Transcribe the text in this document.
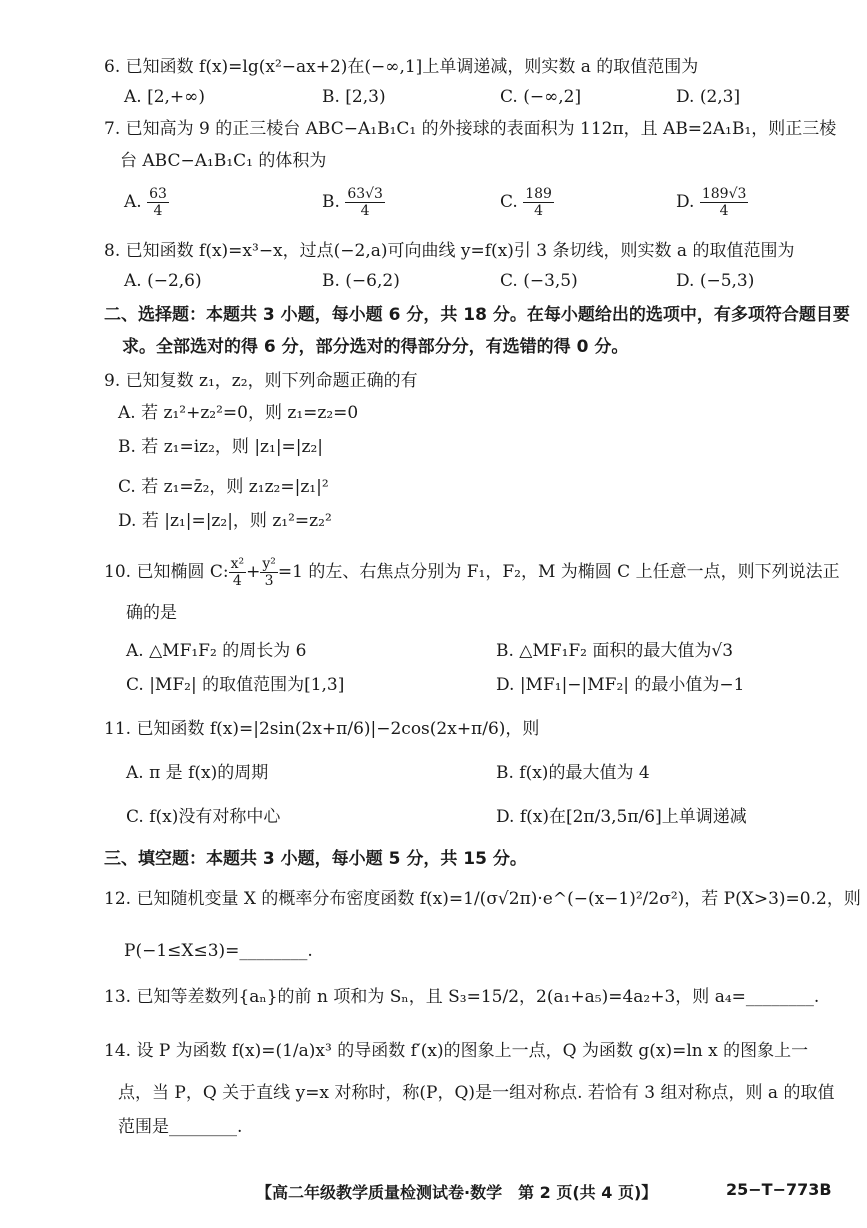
6. 已知函数 f(x)=lg(x²−ax+2)在(−∞,1]上单调递减，则实数 a 的取值范围为
A. [2,+∞)	B. [2,3)	C. (−∞,2]	D. (2,3]
7. 已知高为 9 的正三棱台 ABC−A₁B₁C₁ 的外接球的表面积为 112π，且 AB=2A₁B₁，则正三棱
台 ABC−A₁B₁C₁ 的体积为
A. $\frac{63}{4}$	B. $\frac{63√3}{4}$	C. $\frac{189}{4}$	D. $\frac{189√3}{4}$
8. 已知函数 f(x)=x³−x，过点(−2,a)可向曲线 y=f(x)引 3 条切线，则实数 a 的取值范围为
A. (−2,6)	B. (−6,2)	C. (−3,5)	D. (−5,3)
二、选择题：本题共 3 小题，每小题 6 分，共 18 分。在每小题给出的选项中，有多项符合题目要
求。全部选对的得 6 分，部分选对的得部分分，有选错的得 0 分。
9. 已知复数 z₁，z₂，则下列命题正确的有
A. 若 z₁²+z₂²=0，则 z₁=z₂=0
B. 若 z₁=iz₂，则 |z₁|=|z₂|
C. 若 z₁=z̄₂，则 z₁z₂=|z₁|²
D. 若 |z₁|=|z₂|，则 z₁²=z₂²
10. 已知椭圆 C: $\frac{\text{x²}}{4} + \frac{\text{y²}}{3} =1$ 的左、右焦点分别为 F₁，F₂，M 为椭圆 C 上任意一点，则下列说法正
确的是
A. △MF₁F₂ 的周长为 6	B. △MF₁F₂ 面积的最大值为√3
C. |MF₂| 的取值范围为[1,3]	D. |MF₁|−|MF₂| 的最小值为−1
11. 已知函数 f(x)=|2sin(2x+π/6)|−2cos(2x+π/6)，则
A. π 是 f(x)的周期	B. f(x)的最大值为 4
C. f(x)没有对称中心	D. f(x)在[2π/3,5π/6]上单调递减
三、填空题：本题共 3 小题，每小题 5 分，共 15 分。
12. 已知随机变量 X 的概率分布密度函数 f(x)=1/(σ√2π)·e^(−(x−1)²/2σ²)，若 P(X>3)=0.2，则
P(−1≤X≤3)=________.
13. 已知等差数列{aₙ}的前 n 项和为 Sₙ，且 S₃=15/2，2(a₁+a₅)=4a₂+3，则 a₄=________.
14. 设 P 为函数 f(x)=(1/a)x³ 的导函数 f′(x)的图象上一点，Q 为函数 g(x)=ln x 的图象上一
点，当 P，Q 关于直线 y=x 对称时，称(P，Q)是一组对称点. 若恰有 3 组对称点，则 a 的取值
范围是________.
【高二年级教学质量检测试卷·数学　第 2 页(共 4 页)】	25−T−773B
